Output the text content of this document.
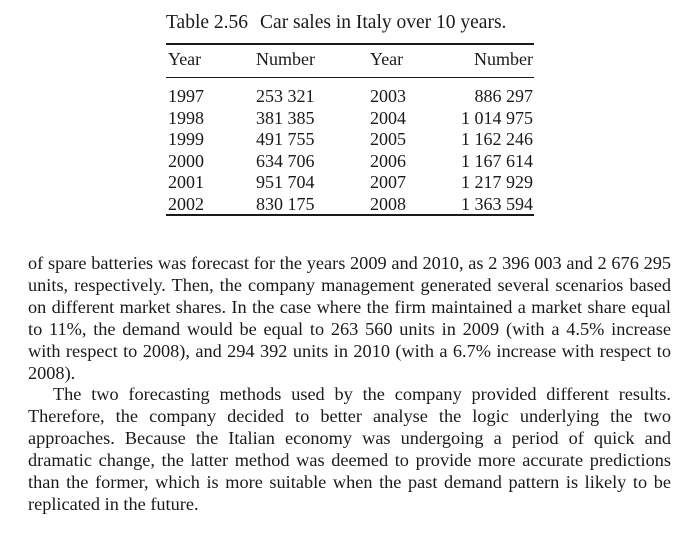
Table 2.56 Car sales in Italy over 10 years.
Year	Number	Year	Number
1997	253 321	2003	886 297
1998	381 385	2004	1 014 975
1999	491 755	2005	1 162 246
2000	634 706	2006	1 167 614
2001	951 704	2007	1 217 929
2002	830 175	2008	1 363 594

of spare batteries was forecast for the years 2009 and 2010, as 2 396 003 and 2 676 295 units, respectively. Then, the company management generated several scenarios based on different market shares. In the case where the firm maintained a market share equal to 11%, the demand would be equal to 263 560 units in 2009 (with a 4.5% increase with respect to 2008), and 294 392 units in 2010 (with a 6.7% increase with respect to 2008).

The two forecasting methods used by the company provided different results. Therefore, the company decided to better analyse the logic underlying the two approaches. Because the Italian economy was undergoing a period of quick and dramatic change, the latter method was deemed to provide more accurate predictions than the former, which is more suitable when the past demand pattern is likely to be replicated in the future.
